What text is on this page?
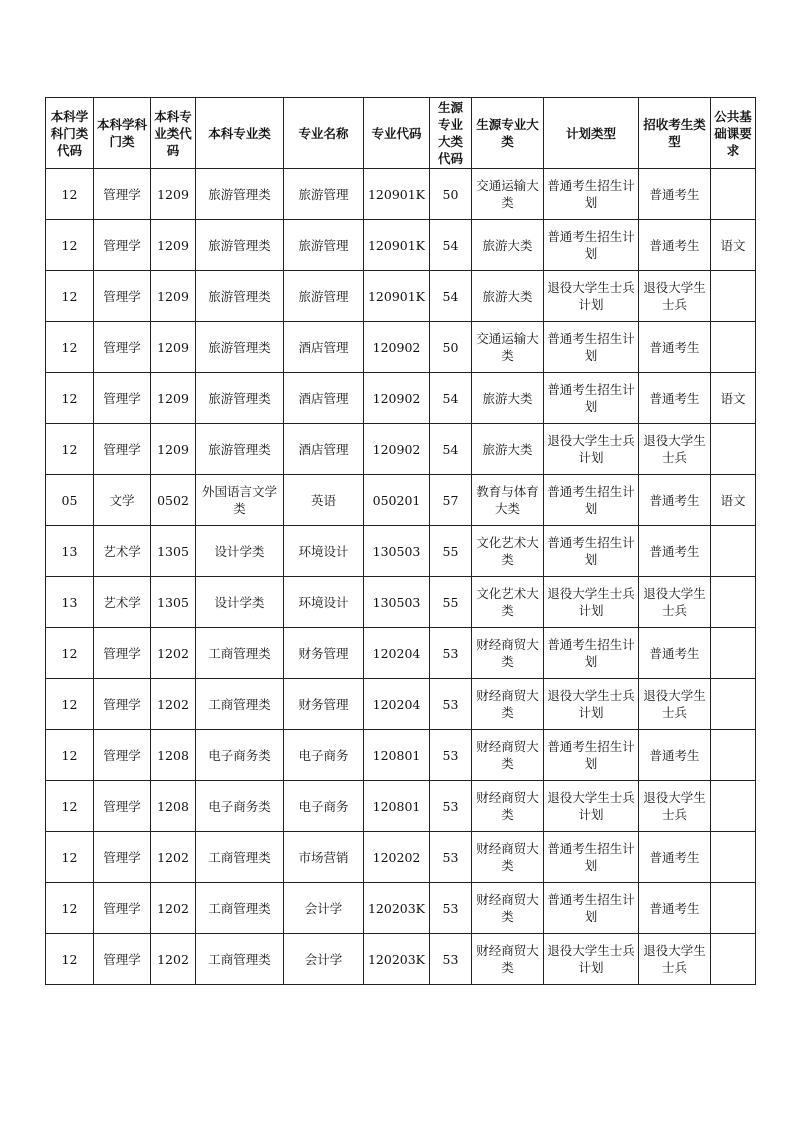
本科学科门类代码	本科学科门类	本科专业类代码	本科专业类	专业名称	专业代码	生源专业大类代码	生源专业大类	计划类型	招收考生类型	公共基础课要求
12	管理学	1209	旅游管理类	旅游管理	120901K	50	交通运输大类	普通考生招生计划	普通考生	
12	管理学	1209	旅游管理类	旅游管理	120901K	54	旅游大类	普通考生招生计划	普通考生	语文
12	管理学	1209	旅游管理类	旅游管理	120901K	54	旅游大类	退役大学生士兵计划	退役大学生士兵	
12	管理学	1209	旅游管理类	酒店管理	120902	50	交通运输大类	普通考生招生计划	普通考生	
12	管理学	1209	旅游管理类	酒店管理	120902	54	旅游大类	普通考生招生计划	普通考生	语文
12	管理学	1209	旅游管理类	酒店管理	120902	54	旅游大类	退役大学生士兵计划	退役大学生士兵	
05	文学	0502	外国语言文学类	英语	050201	57	教育与体育大类	普通考生招生计划	普通考生	语文
13	艺术学	1305	设计学类	环境设计	130503	55	文化艺术大类	普通考生招生计划	普通考生	
13	艺术学	1305	设计学类	环境设计	130503	55	文化艺术大类	退役大学生士兵计划	退役大学生士兵	
12	管理学	1202	工商管理类	财务管理	120204	53	财经商贸大类	普通考生招生计划	普通考生	
12	管理学	1202	工商管理类	财务管理	120204	53	财经商贸大类	退役大学生士兵计划	退役大学生士兵	
12	管理学	1208	电子商务类	电子商务	120801	53	财经商贸大类	普通考生招生计划	普通考生	
12	管理学	1208	电子商务类	电子商务	120801	53	财经商贸大类	退役大学生士兵计划	退役大学生士兵	
12	管理学	1202	工商管理类	市场营销	120202	53	财经商贸大类	普通考生招生计划	普通考生	
12	管理学	1202	工商管理类	会计学	120203K	53	财经商贸大类	普通考生招生计划	普通考生	
12	管理学	1202	工商管理类	会计学	120203K	53	财经商贸大类	退役大学生士兵计划	退役大学生士兵	
